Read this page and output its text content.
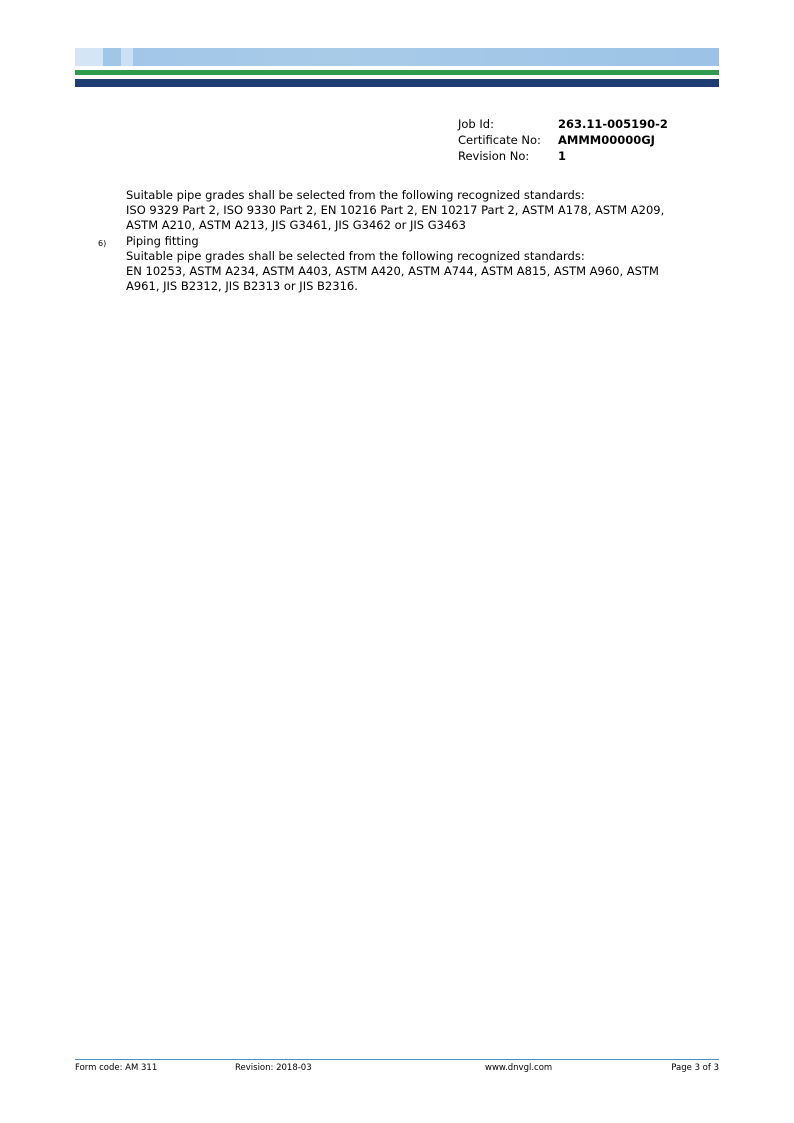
Job Id:	263.11-005190-2
Certificate No:	AMMM00000GJ
Revision No:	1

Suitable pipe grades shall be selected from the following recognized standards:

ISO 9329 Part 2, ISO 9330 Part 2, EN 10216 Part 2, EN 10217 Part 2, ASTM A178, ASTM A209,

ASTM A210, ASTM A213, JIS G3461, JIS G3462 or JIS G3463

6) Piping fitting

Suitable pipe grades shall be selected from the following recognized standards:

EN 10253, ASTM A234, ASTM A403, ASTM A420, ASTM A744, ASTM A815, ASTM A960, ASTM

A961, JIS B2312, JIS B2313 or JIS B2316.

Form code: AM 311	Revision: 2018-03	www.dnvgl.com	Page 3 of 3
